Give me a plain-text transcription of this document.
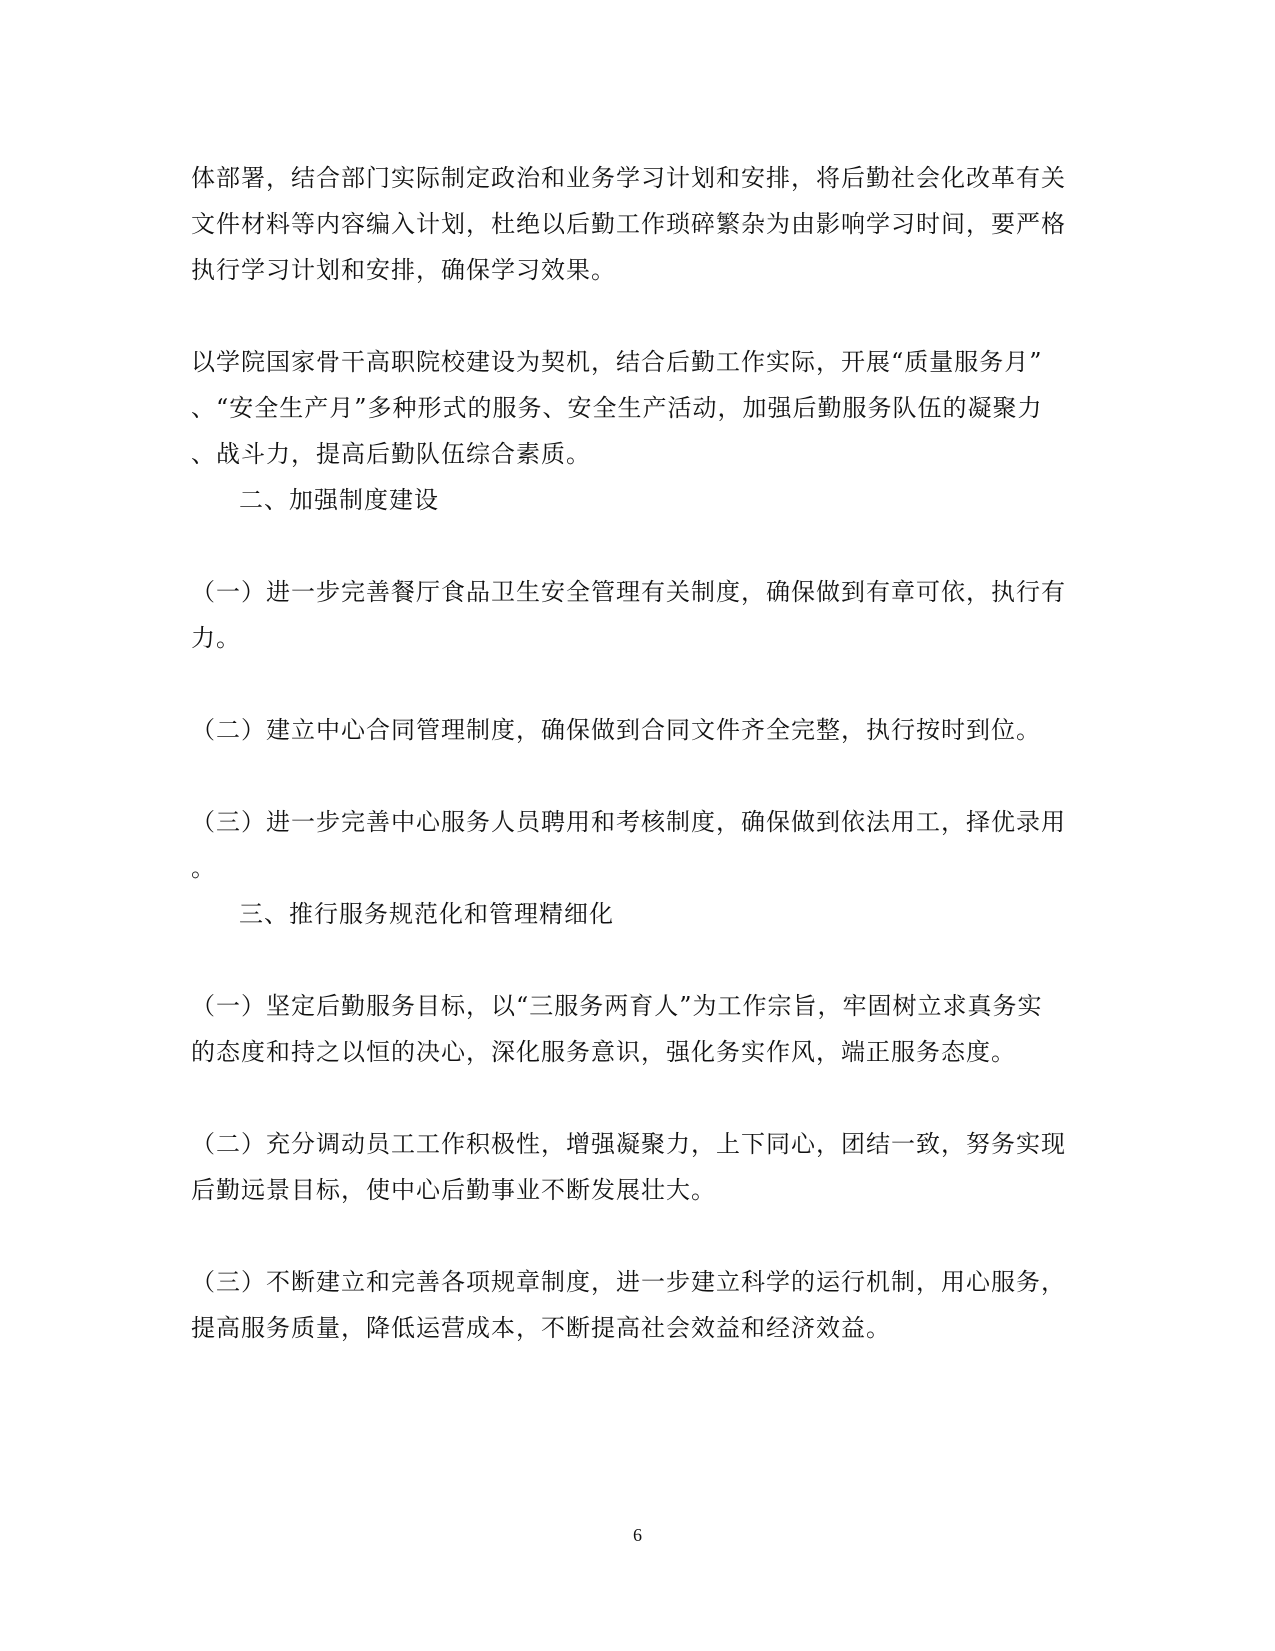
体部署，结合部门实际制定政治和业务学习计划和安排，将后勤社会化改革有关
文件材料等内容编入计划，杜绝以后勤工作琐碎繁杂为由影响学习时间，要严格
执行学习计划和安排，确保学习效果。
以学院国家骨干高职院校建设为契机，结合后勤工作实际，开展“质量服务月”
、“安全生产月”多种形式的服务、安全生产活动，加强后勤服务队伍的凝聚力
、战斗力，提高后勤队伍综合素质。
二、加强制度建设
（一）进一步完善餐厅食品卫生安全管理有关制度，确保做到有章可依，执行有
力。
（二）建立中心合同管理制度，确保做到合同文件齐全完整，执行按时到位。
（三）进一步完善中心服务人员聘用和考核制度，确保做到依法用工，择优录用
。
三、推行服务规范化和管理精细化
（一）坚定后勤服务目标，以“三服务两育人”为工作宗旨，牢固树立求真务实
的态度和持之以恒的决心，深化服务意识，强化务实作风，端正服务态度。
（二）充分调动员工工作积极性，增强凝聚力，上下同心，团结一致，努务实现
后勤远景目标，使中心后勤事业不断发展壮大。
（三）不断建立和完善各项规章制度，进一步建立科学的运行机制，用心服务，
提高服务质量，降低运营成本，不断提高社会效益和经济效益。
6
